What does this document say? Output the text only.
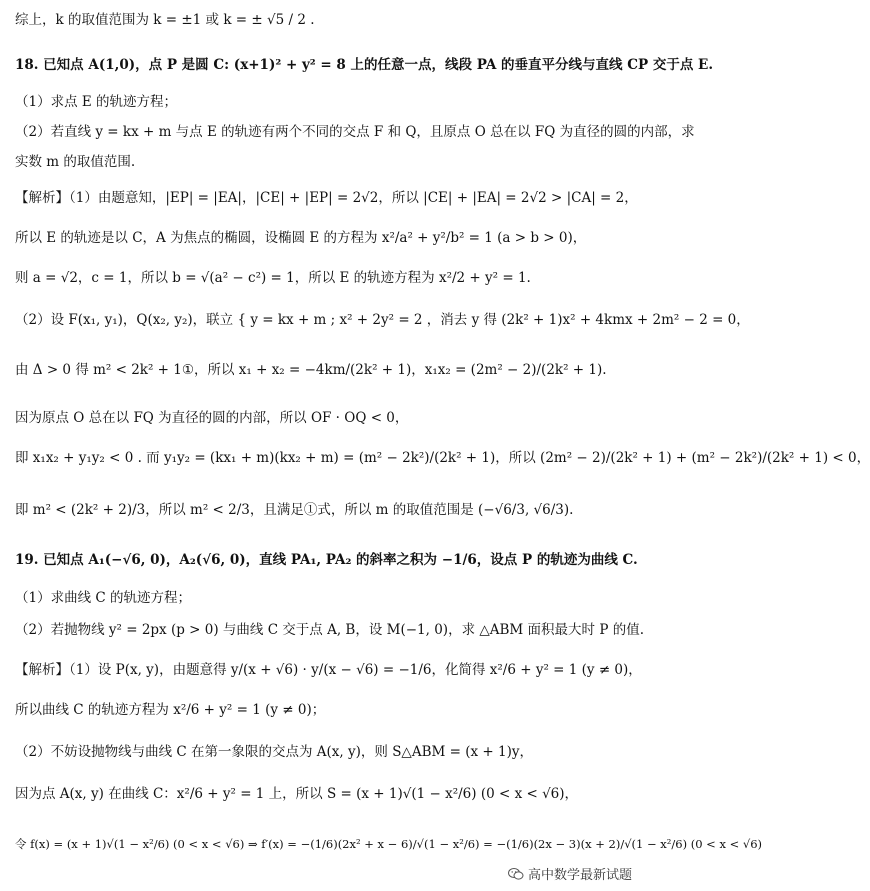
综上，k 的取值范围为 k = ±1 或 k = ± √5 / 2 .
18. 已知点 A(1,0)，点 P 是圆 C: (x+1)² + y² = 8 上的任意一点，线段 PA 的垂直平分线与直线 CP 交于点 E.
（1）求点 E 的轨迹方程；
（2）若直线 y = kx + m 与点 E 的轨迹有两个不同的交点 F 和 Q，且原点 O 总在以 FQ 为直径的圆的内部，求
实数 m 的取值范围.
【解析】（1）由题意知，|EP| = |EA|，|CE| + |EP| = 2√2，所以 |CE| + |EA| = 2√2 > |CA| = 2，
所以 E 的轨迹是以 C，A 为焦点的椭圆，设椭圆 E 的方程为 x²/a² + y²/b² = 1 (a > b > 0)，
则 a = √2，c = 1，所以 b = √(a² − c²) = 1，所以 E 的轨迹方程为 x²/2 + y² = 1.
（2）设 F(x₁, y₁)，Q(x₂, y₂)，联立 { y = kx + m ; x² + 2y² = 2 ，消去 y 得 (2k² + 1)x² + 4kmx + 2m² − 2 = 0，
由 Δ > 0 得 m² < 2k² + 1①，所以 x₁ + x₂ = −4km/(2k² + 1)，x₁x₂ = (2m² − 2)/(2k² + 1).
因为原点 O 总在以 FQ 为直径的圆的内部，所以 OF · OQ < 0，
即 x₁x₂ + y₁y₂ < 0 . 而 y₁y₂ = (kx₁ + m)(kx₂ + m) = (m² − 2k²)/(2k² + 1)，所以 (2m² − 2)/(2k² + 1) + (m² − 2k²)/(2k² + 1) < 0，
即 m² < (2k² + 2)/3，所以 m² < 2/3，且满足①式，所以 m 的取值范围是 (−√6/3, √6/3).
19. 已知点 A₁(−√6, 0)，A₂(√6, 0)，直线 PA₁, PA₂ 的斜率之积为 −1/6，设点 P 的轨迹为曲线 C.
（1）求曲线 C 的轨迹方程；
（2）若抛物线 y² = 2px (p > 0) 与曲线 C 交于点 A, B，设 M(−1, 0)，求 △ABM 面积最大时 P 的值.
【解析】（1）设 P(x, y)，由题意得 y/(x + √6) · y/(x − √6) = −1/6，化简得 x²/6 + y² = 1 (y ≠ 0)，
所以曲线 C 的轨迹方程为 x²/6 + y² = 1 (y ≠ 0)；
（2）不妨设抛物线与曲线 C 在第一象限的交点为 A(x, y)，则 S△ABM = (x + 1)y，
因为点 A(x, y) 在曲线 C：x²/6 + y² = 1 上，所以 S = (x + 1)√(1 − x²/6) (0 < x < √6)，
令 f(x) = (x + 1)√(1 − x²/6) (0 < x < √6) ⇒ f′(x) = −(1/6)(2x² + x − 6)/√(1 − x²/6) = −(1/6)(2x − 3)(x + 2)/√(1 − x²/6) (0 < x < √6)
高中数学最新试题
